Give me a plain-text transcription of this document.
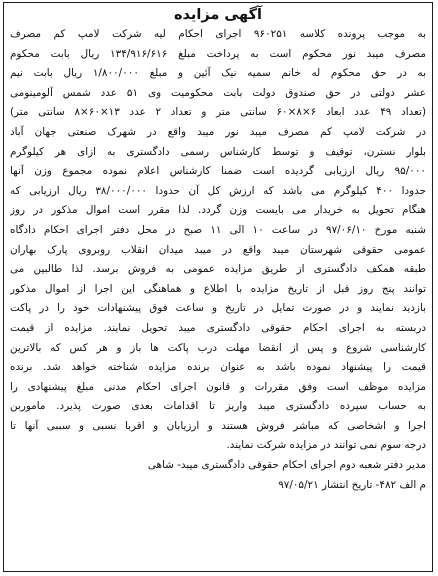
آگهی مزایده
به موجب پرونده کلاسه ۹۶۰۲۵۱ اجرای احکام لیه شرکت لامپ کم مصرف
مصرف میبد نور محکوم است به پرداخت مبلغ ۱۳۴/۹۱۶/۶۱۶ ریال بابت محکوم
به در حق محکوم له خانم سمیه نیک آئین و مبلغ ۱/۸۰۰/۰۰۰ ریال بابت نیم
عشر دولتی در حق صندوق دولت بابت محکومیت وی ۵۱ عدد شمس آلومینومی
(تعداد ۴۹ عدد ابعاد ۶×۸×۶۰ سانتی متر و تعداد ۲ عدد ۱۳×۶۰×۸ سانتی متر)
در شرکت لامپ کم مصرف میبد نور میبد واقع در شهرک صنعتی جهان آباد
بلوار نسترن، توقیف و توسط کارشناس رسمی دادگستری به ازای هر کیلوگرم
۹۵/۰۰۰ ریال ارزیابی گردیده است ضمنا کارشناس اعلام نموده مجموع وزن آنها
حدودا ۴۰۰ کیلوگرم می باشد که ارزش کل آن حدودا ۳۸/۰۰۰/۰۰۰ ریال ارزیابی که
هنگام تحویل به خریدار می بایست وزن گردد. لذا مقرر است اموال مذکور در روز
شنبه مورخ ۹۷/۰۶/۱۰ در ساعت ۱۰ الی ۱۱ صبح در محل دفتر اجرای احکام دادگاه
عمومی حقوقی شهرستان میبد واقع در میبد میدان انقلاب روبروی پارک بهاران
طبقه همکف دادگستری از طریق مزایده عمومی به فروش برسد. لذا طالبین می
توانند پنج روز قبل از تاریخ مزایده با اطلاع و هماهنگی این اجرا از اموال مذکور
بازدید نمایند و در صورت تمایل در تاریخ و ساعت فوق پیشنهادات خود را در پاکت
دربسته به اجرای احکام حقوقی دادگستری میبد تحویل نمایند. مزایده از قیمت
کارشناسی شروع و پس از انقضا مهلت درب پاکت ها باز و هر کس که بالاترین
قیمت را پیشنهاد نموده باشد به عنوان برنده مزایده شناخته خواهد شد. برنده
مزایده موظف است وفق مقررات و قانون اجرای احکام مدنی مبلغ پیشنهادی را
به حساب سپرده دادگستری میبد واریز تا اقدامات بعدی صورت پذیرد. ماموربن
اجرا و اشخاصی که مباشر فروش هستند و ارزیابان و اقربا نسبی و سببی آنها تا
درجه سوم نمی توانند در مزایده شرکت نمایند.
مدیر دفتر شعبه دوم اجرای احکام حقوقی دادگستری میبد- شاهی
م الف ۴۸۲- تاریخ انتشار ۹۷/۰۵/۲۱
